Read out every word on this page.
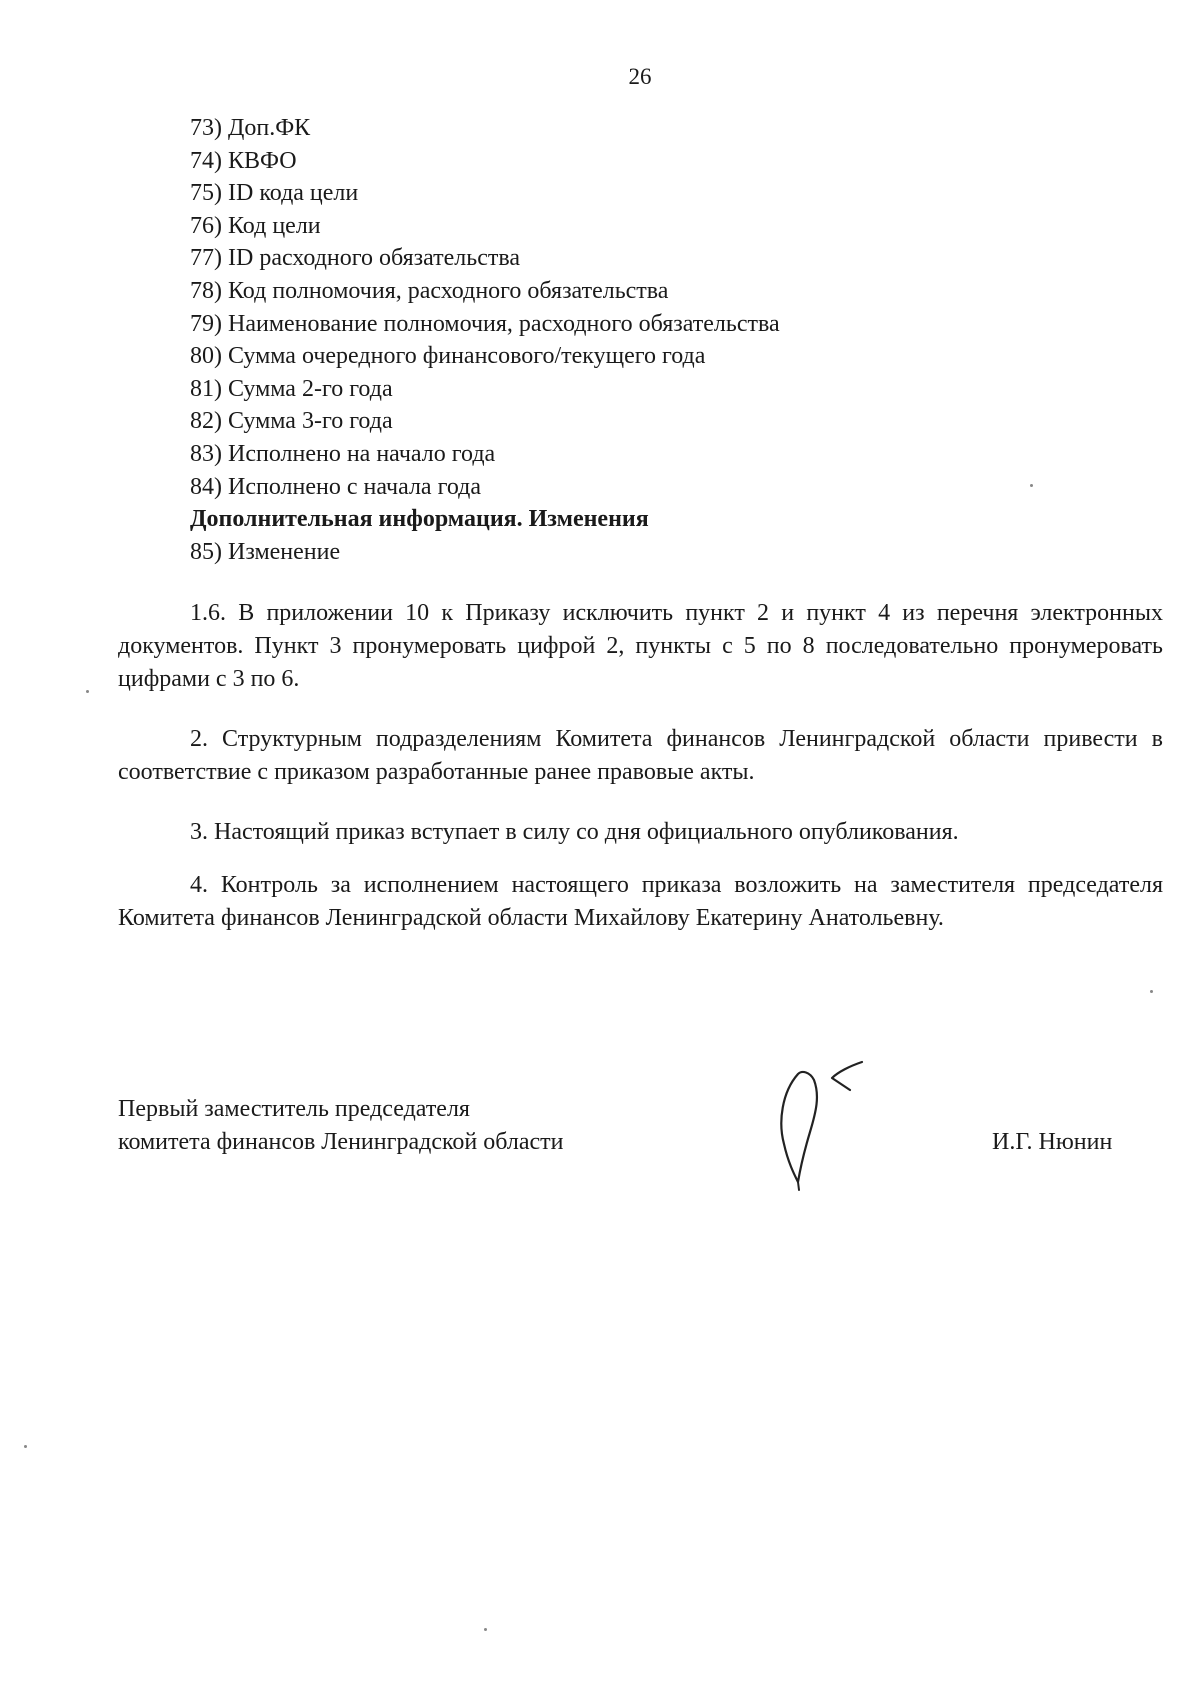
26
73) Доп.ФК
74) КВФО
75) ID кода цели
76) Код цели
77) ID расходного обязательства
78) Код полномочия, расходного обязательства
79) Наименование полномочия, расходного обязательства
80) Сумма очередного финансового/текущего года
81) Сумма 2-го года
82) Сумма 3-го года
83) Исполнено на начало года
84) Исполнено с начала года
Дополнительная информация. Изменения
85) Изменение

1.6. В приложении 10 к Приказу исключить пункт 2 и пункт 4 из перечня электронных документов. Пункт 3 пронумеровать цифрой 2, пункты с 5 по 8 последовательно пронумеровать цифрами с 3 по 6.

2. Структурным подразделениям Комитета финансов Ленинградской области привести в соответствие с приказом разработанные ранее правовые акты.

3. Настоящий приказ вступает в силу со дня официального опубликования.

4. Контроль за исполнением настоящего приказа возложить на заместителя председателя Комитета финансов Ленинградской области Михайлову Екатерину Анатольевну.

Первый заместитель председателя
комитета финансов Ленинградской области	И.Г. Нюнин
